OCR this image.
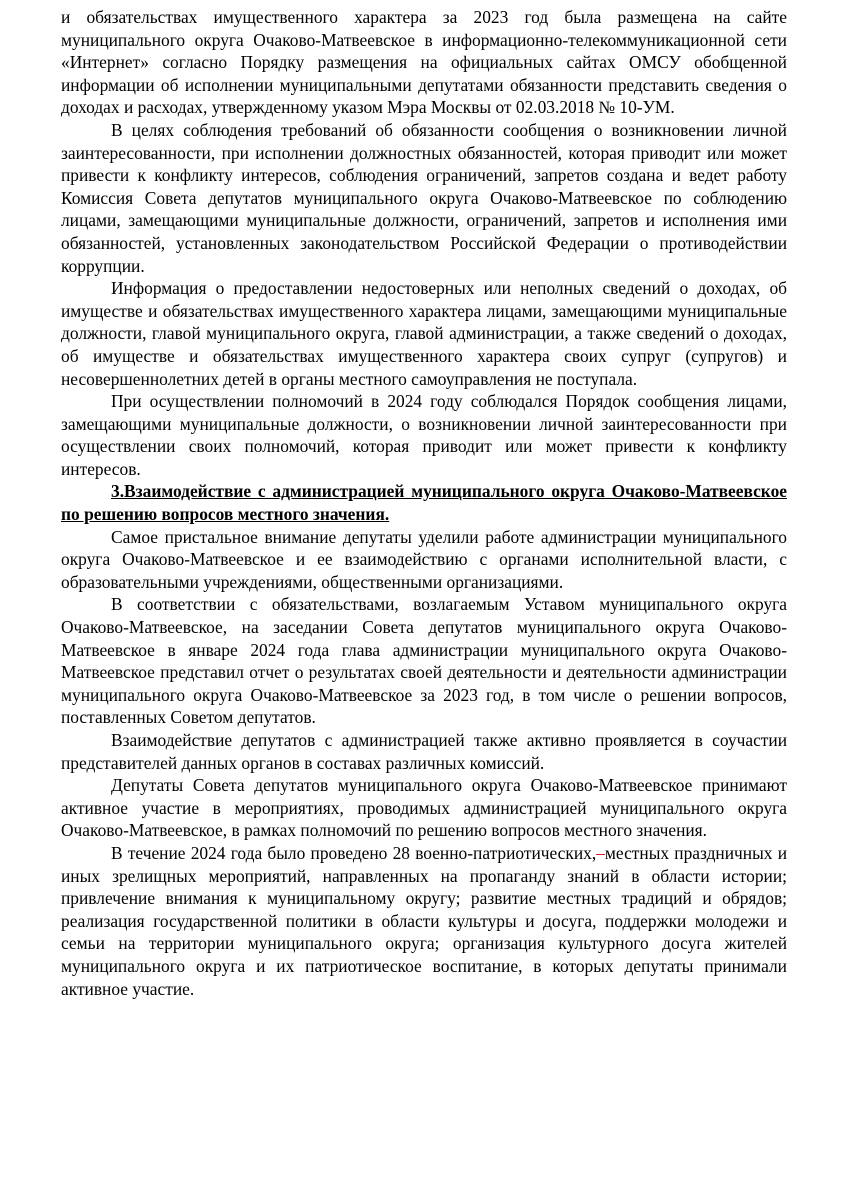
и обязательствах имущественного характера за 2023 год была размещена на сайте муниципального округа Очаково-Матвеевское в информационно-телекоммуникационной сети «Интернет» согласно Порядку размещения на официальных сайтах ОМСУ обобщенной информации об исполнении муниципальными депутатами обязанности представить сведения о доходах и расходах, утвержденному указом Мэра Москвы от 02.03.2018 № 10-УМ.

В целях соблюдения требований об обязанности сообщения о возникновении личной заинтересованности, при исполнении должностных обязанностей, которая приводит или может привести к конфликту интересов, соблюдения ограничений, запретов создана и ведет работу Комиссия Совета депутатов муниципального округа Очаково-Матвеевское по соблюдению лицами, замещающими муниципальные должности, ограничений, запретов и исполнения ими обязанностей, установленных законодательством Российской Федерации о противодействии коррупции.

Информация о предоставлении недостоверных или неполных сведений о доходах, об имуществе и обязательствах имущественного характера лицами, замещающими муниципальные должности, главой муниципального округа, главой администрации, а также сведений о доходах, об имуществе и обязательствах имущественного характера своих супруг (супругов) и несовершеннолетних детей в органы местного самоуправления не поступала.

При осуществлении полномочий в 2024 году соблюдался Порядок сообщения лицами, замещающими муниципальные должности, о возникновении личной заинтересованности при осуществлении своих полномочий, которая приводит или может привести к конфликту интересов.

3.Взаимодействие с администрацией муниципального округа Очаково-Матвеевское по решению вопросов местного значения.

Самое пристальное внимание депутаты уделили работе администрации муниципального округа Очаково-Матвеевское и ее взаимодействию с органами исполнительной власти, с образовательными учреждениями, общественными организациями.

В соответствии с обязательствами, возлагаемым Уставом муниципального округа Очаково-Матвеевское, на заседании Совета депутатов муниципального округа Очаково-Матвеевское в январе 2024 года глава администрации муниципального округа Очаково-Матвеевское представил отчет о результатах своей деятельности и деятельности администрации муниципального округа Очаково-Матвеевское за 2023 год, в том числе о решении вопросов, поставленных Советом депутатов.

Взаимодействие депутатов с администрацией также активно проявляется в соучастии представителей данных органов в составах различных комиссий.

Депутаты Совета депутатов муниципального округа Очаково-Матвеевское принимают активное участие в мероприятиях, проводимых администрацией муниципального округа Очаково-Матвеевское, в рамках полномочий по решению вопросов местного значения.

В течение 2024 года было проведено 28 военно-патриотических,–местных праздничных и иных зрелищных мероприятий, направленных на пропаганду знаний в области истории; привлечение внимания к муниципальному округу; развитие местных традиций и обрядов; реализация государственной политики в области культуры и досуга, поддержки молодежи и семьи на территории муниципального округа; организация культурного досуга жителей муниципального округа и их патриотическое воспитание, в которых депутаты принимали активное участие.
